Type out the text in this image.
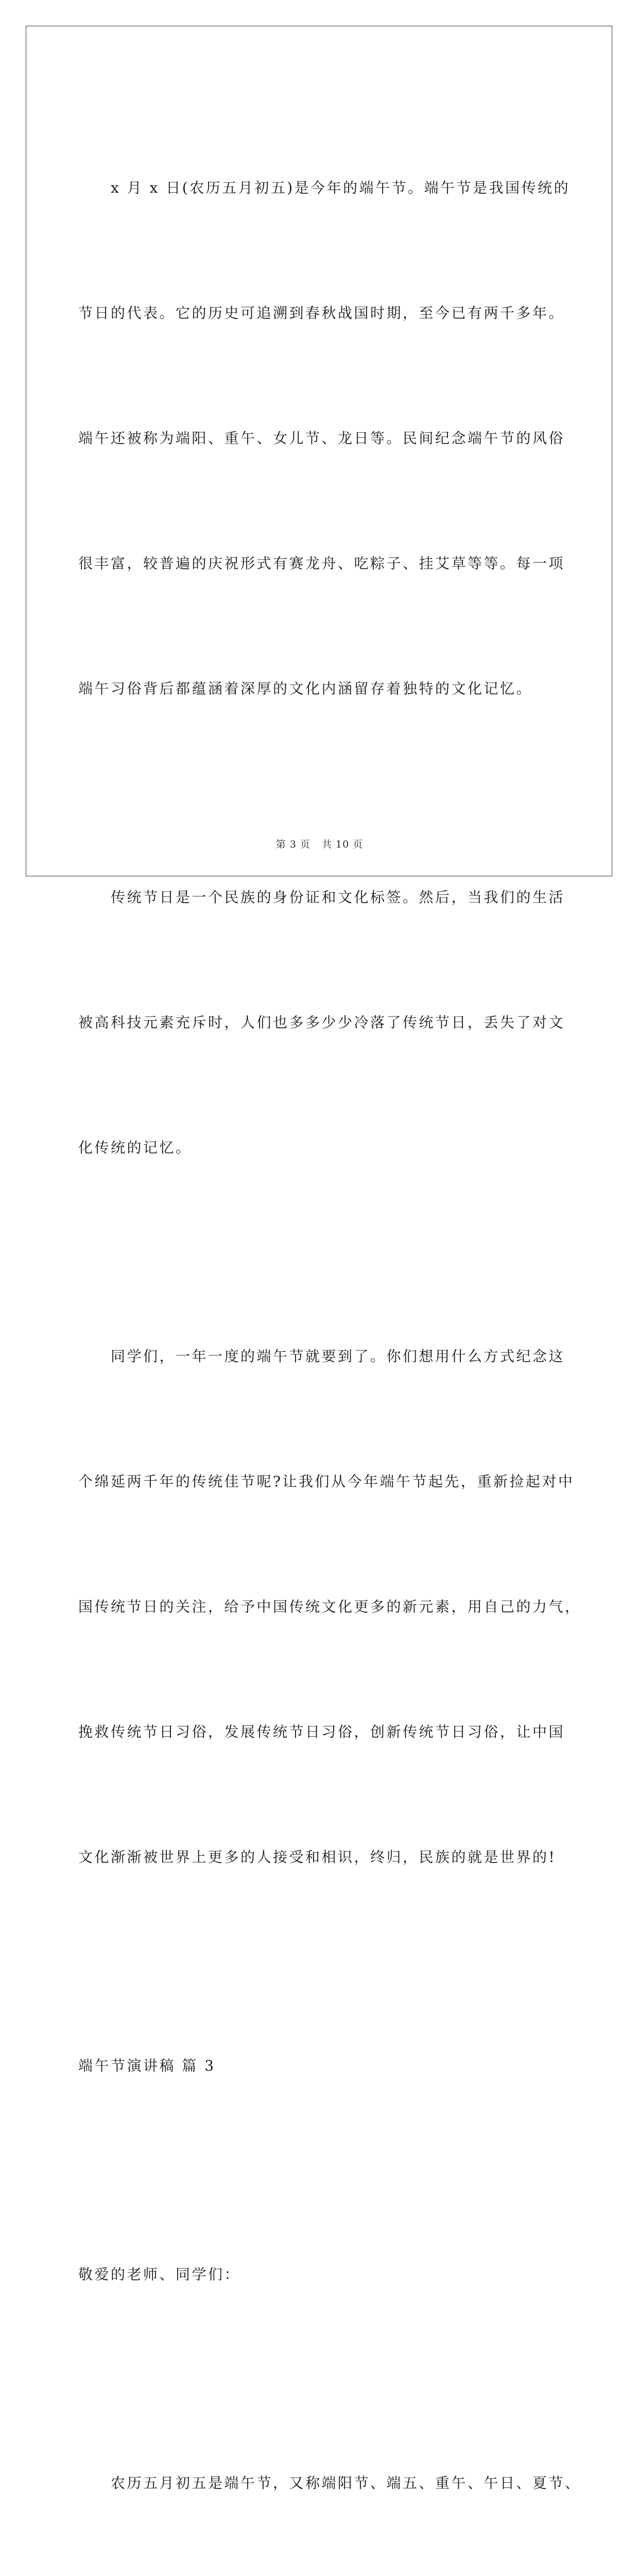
x 月 x 日(农历五月初五)是今年的端午节。端午节是我国传统的

节日的代表。它的历史可追溯到春秋战国时期，至今已有两千多年。

端午还被称为端阳、重午、女儿节、龙日等。民间纪念端午节的风俗

很丰富，较普遍的庆祝形式有赛龙舟、吃粽子、挂艾草等等。每一项

端午习俗背后都蕴涵着深厚的文化内涵留存着独特的文化记忆。

传统节日是一个民族的身份证和文化标签。然后，当我们的生活

被高科技元素充斥时，人们也多多少少冷落了传统节日，丢失了对文

化传统的记忆。

同学们，一年一度的端午节就要到了。你们想用什么方式纪念这

个绵延两千年的传统佳节呢?让我们从今年端午节起先，重新捡起对中

国传统节日的关注，给予中国传统文化更多的新元素，用自己的力气，

挽救传统节日习俗，发展传统节日习俗，创新传统节日习俗，让中国

文化渐渐被世界上更多的人接受和相识，终归，民族的就是世界的!

端午节演讲稿 篇 3

敬爱的老师、同学们：

农历五月初五是端午节，又称端阳节、端五、重午、午日、夏节、

第 3 页 共 10 页
